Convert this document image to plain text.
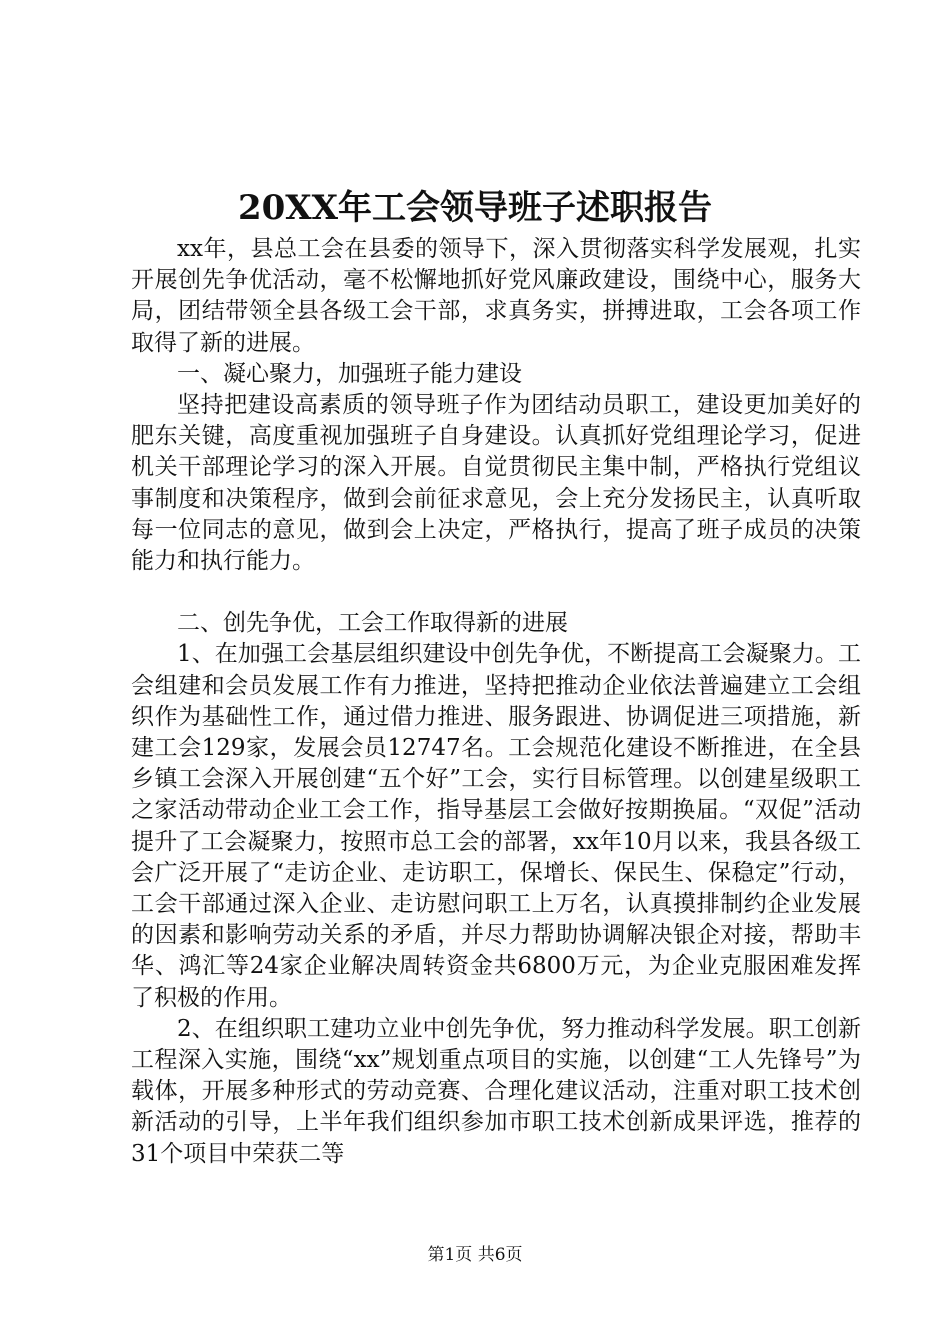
20XX年工会领导班子述职报告

xx年，县总工会在县委的领导下，深入贯彻落实科学发展观，扎实开展创先争优活动，毫不松懈地抓好党风廉政建设，围绕中心，服务大局，团结带领全县各级工会干部，求真务实，拼搏进取，工会各项工作取得了新的进展。

一、凝心聚力，加强班子能力建设

坚持把建设高素质的领导班子作为团结动员职工，建设更加美好的肥东关键，高度重视加强班子自身建设。认真抓好党组理论学习，促进机关干部理论学习的深入开展。自觉贯彻民主集中制，严格执行党组议事制度和决策程序，做到会前征求意见，会上充分发扬民主，认真听取每一位同志的意见，做到会上决定，严格执行，提高了班子成员的决策能力和执行能力。

二、创先争优，工会工作取得新的进展

1、在加强工会基层组织建设中创先争优，不断提高工会凝聚力。工会组建和会员发展工作有力推进，坚持把推动企业依法普遍建立工会组织作为基础性工作，通过借力推进、服务跟进、协调促进三项措施，新建工会129家，发展会员12747名。工会规范化建设不断推进，在全县乡镇工会深入开展创建“五个好”工会，实行目标管理。以创建星级职工之家活动带动企业工会工作，指导基层工会做好按期换届。“双促”活动提升了工会凝聚力，按照市总工会的部署，xx年10月以来，我县各级工会广泛开展了“走访企业、走访职工，保增长、保民生、保稳定”行动，工会干部通过深入企业、走访慰问职工上万名，认真摸排制约企业发展的因素和影响劳动关系的矛盾，并尽力帮助协调解决银企对接，帮助丰华、鸿汇等24家企业解决周转资金共6800万元，为企业克服困难发挥了积极的作用。

2、在组织职工建功立业中创先争优，努力推动科学发展。职工创新工程深入实施，围绕“xx”规划重点项目的实施，以创建“工人先锋号”为载体，开展多种形式的劳动竞赛、合理化建议活动，注重对职工技术创新活动的引导，上半年我们组织参加市职工技术创新成果评选，推荐的31个项目中荣获二等

第1页 共6页
